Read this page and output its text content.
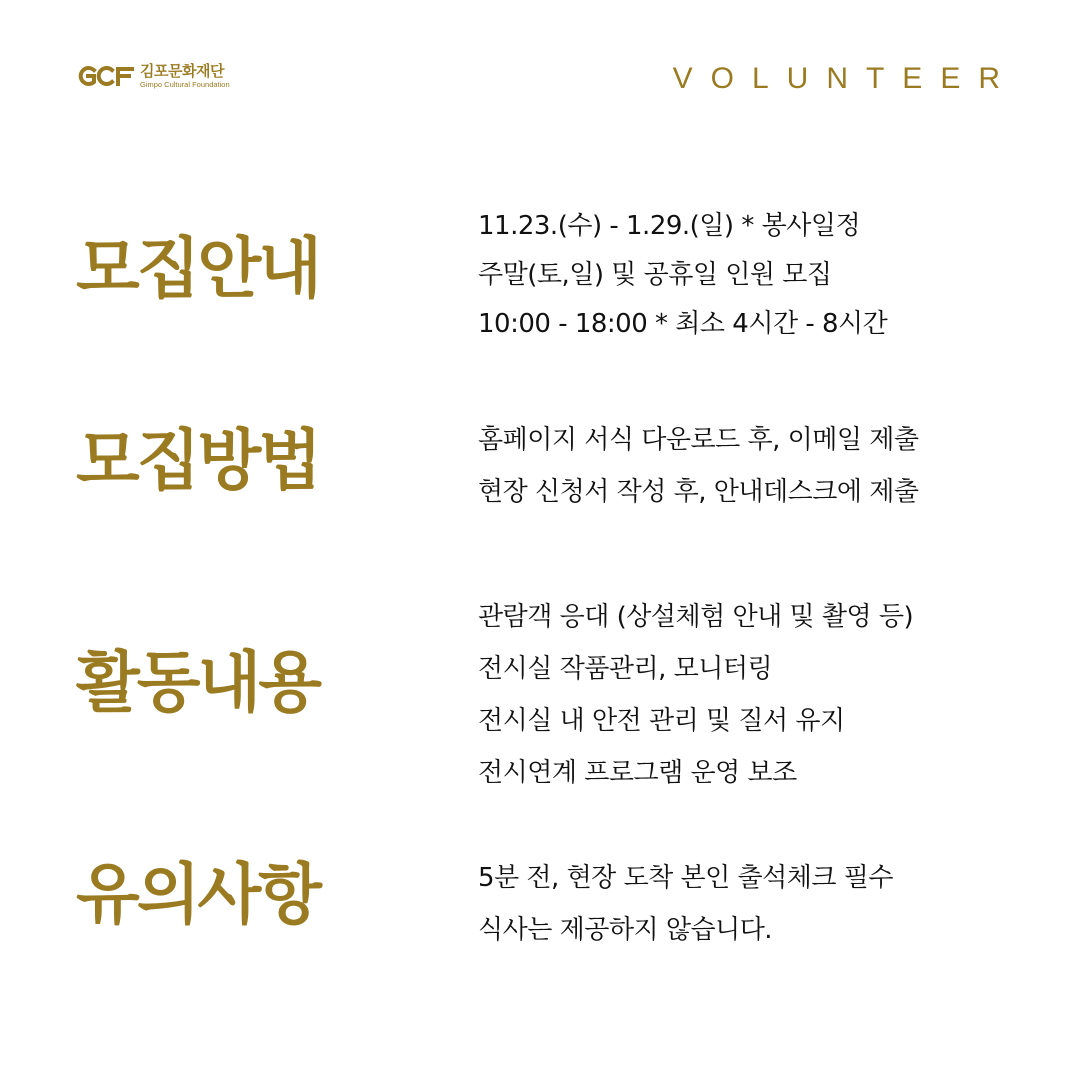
김포문화재단
Gimpo Cultural Foundation	VOLUNTEER
모집안내
11.23.(수) - 1.29.(일) * 봉사일정
주말(토,일) 및 공휴일 인원 모집
10:00 - 18:00 * 최소 4시간 - 8시간
모집방법	홈페이지 서식 다운로드 후, 이메일 제출
현장 신청서 작성 후, 안내데스크에 제출
활동내용
관람객 응대 (상설체험 안내 및 촬영 등)
전시실 작품관리, 모니터링
전시실 내 안전 관리 및 질서 유지
전시연계 프로그램 운영 보조
유의사항	5분 전, 현장 도착 본인 출석체크 필수
식사는 제공하지 않습니다.
